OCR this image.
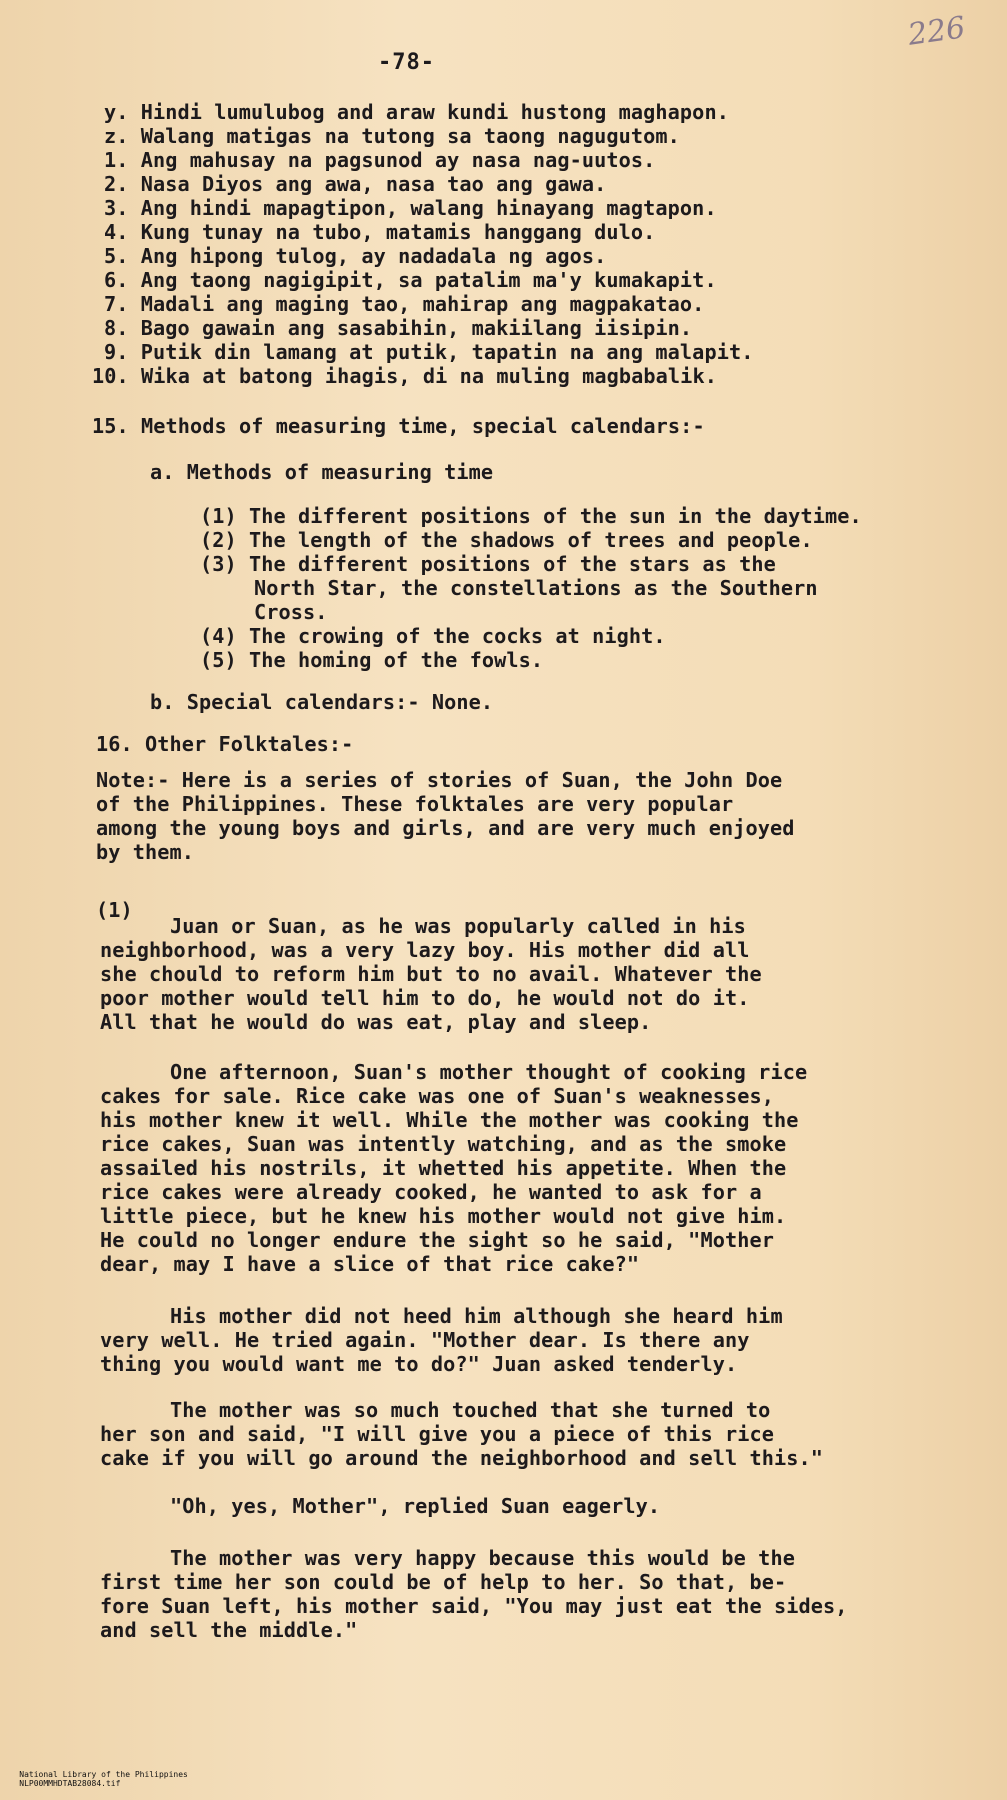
226
-78-
y. Hindi lumulubog and araw kundi hustong maghapon.
z. Walang matigas na tutong sa taong nagugutom.
1. Ang mahusay na pagsunod ay nasa nag-uutos.
2. Nasa Diyos ang awa, nasa tao ang gawa.
3. Ang hindi mapagtipon, walang hinayang magtapon.
4. Kung tunay na tubo, matamis hanggang dulo.
5. Ang hipong tulog, ay nadadala ng agos.
6. Ang taong nagigipit, sa patalim ma'y kumakapit.
7. Madali ang maging tao, mahirap ang magpakatao.
8. Bago gawain ang sasabihin, makiilang iisipin.
9. Putik din lamang at putik, tapatin na ang malapit.
10. Wika at batong ihagis, di na muling magbabalik.
15. Methods of measuring time, special calendars:-
a. Methods of measuring time
(1) The different positions of the sun in the daytime.
(2) The length of the shadows of trees and people.
(3) The different positions of the stars as the
North Star, the constellations as the Southern
Cross.
(4) The crowing of the cocks at night.
(5) The homing of the fowls.
b. Special calendars:- None.
16. Other Folktales:-
Note:- Here is a series of stories of Suan, the John Doe
of the Philippines. These folktales are very popular
among the young boys and girls, and are very much enjoyed
by them.
(1)
Juan or Suan, as he was popularly called in his
neighborhood, was a very lazy boy. His mother did all
she chould to reform him but to no avail. Whatever the
poor mother would tell him to do, he would not do it.
All that he would do was eat, play and sleep.
One afternoon, Suan's mother thought of cooking rice
cakes for sale. Rice cake was one of Suan's weaknesses,
his mother knew it well. While the mother was cooking the
rice cakes, Suan was intently watching, and as the smoke
assailed his nostrils, it whetted his appetite. When the
rice cakes were already cooked, he wanted to ask for a
little piece, but he knew his mother would not give him.
He could no longer endure the sight so he said, "Mother
dear, may I have a slice of that rice cake?"
His mother did not heed him although she heard him
very well. He tried again. "Mother dear. Is there any
thing you would want me to do?" Juan asked tenderly.
The mother was so much touched that she turned to
her son and said, "I will give you a piece of this rice
cake if you will go around the neighborhood and sell this."
"Oh, yes, Mother", replied Suan eagerly.
The mother was very happy because this would be the
first time her son could be of help to her. So that, be-
fore Suan left, his mother said, "You may just eat the sides,
and sell the middle."

National Library of the Philippines
NLP00MMHDTAB28084.tif
